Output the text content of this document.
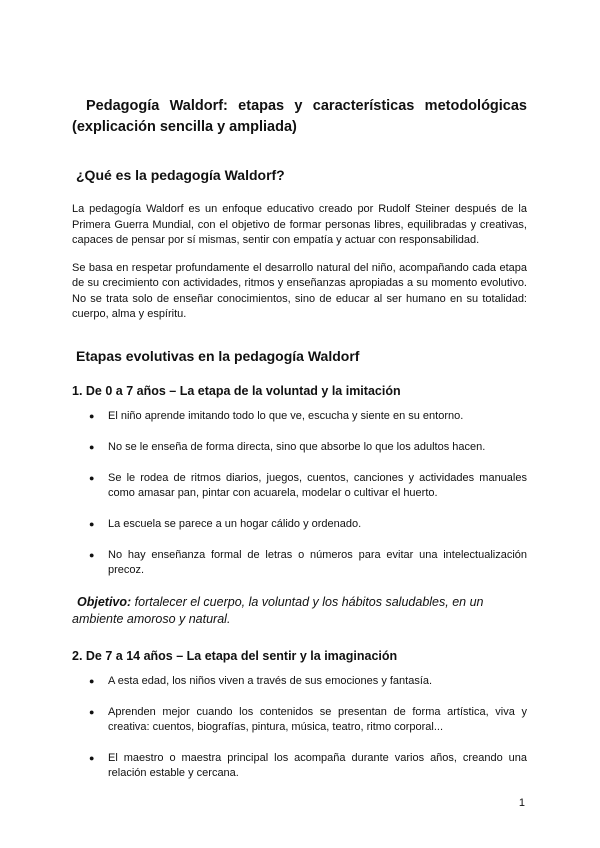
Pedagogía Waldorf: etapas y características metodológicas (explicación sencilla y ampliada)
¿Qué es la pedagogía Waldorf?

La pedagogía Waldorf es un enfoque educativo creado por Rudolf Steiner después de la Primera Guerra Mundial, con el objetivo de formar personas libres, equilibradas y creativas, capaces de pensar por sí mismas, sentir con empatía y actuar con responsabilidad.

Se basa en respetar profundamente el desarrollo natural del niño, acompañando cada etapa de su crecimiento con actividades, ritmos y enseñanzas apropiadas a su momento evolutivo. No se trata solo de enseñar conocimientos, sino de educar al ser humano en su totalidad: cuerpo, alma y espíritu.

Etapas evolutivas en la pedagogía Waldorf
1. De 0 a 7 años – La etapa de la voluntad y la imitación
● El niño aprende imitando todo lo que ve, escucha y siente en su entorno.
● No se le enseña de forma directa, sino que absorbe lo que los adultos hacen.
● Se le rodea de ritmos diarios, juegos, cuentos, canciones y actividades manuales como amasar pan, pintar con acuarela, modelar o cultivar el huerto.
● La escuela se parece a un hogar cálido y ordenado.
● No hay enseñanza formal de letras o números para evitar una intelectualización precoz.

Objetivo: fortalecer el cuerpo, la voluntad y los hábitos saludables, en un ambiente amoroso y natural.

2. De 7 a 14 años – La etapa del sentir y la imaginación
● A esta edad, los niños viven a través de sus emociones y fantasía.
● Aprenden mejor cuando los contenidos se presentan de forma artística, viva y creativa: cuentos, biografías, pintura, música, teatro, ritmo corporal...
● El maestro o maestra principal los acompaña durante varios años, creando una relación estable y cercana.
1
